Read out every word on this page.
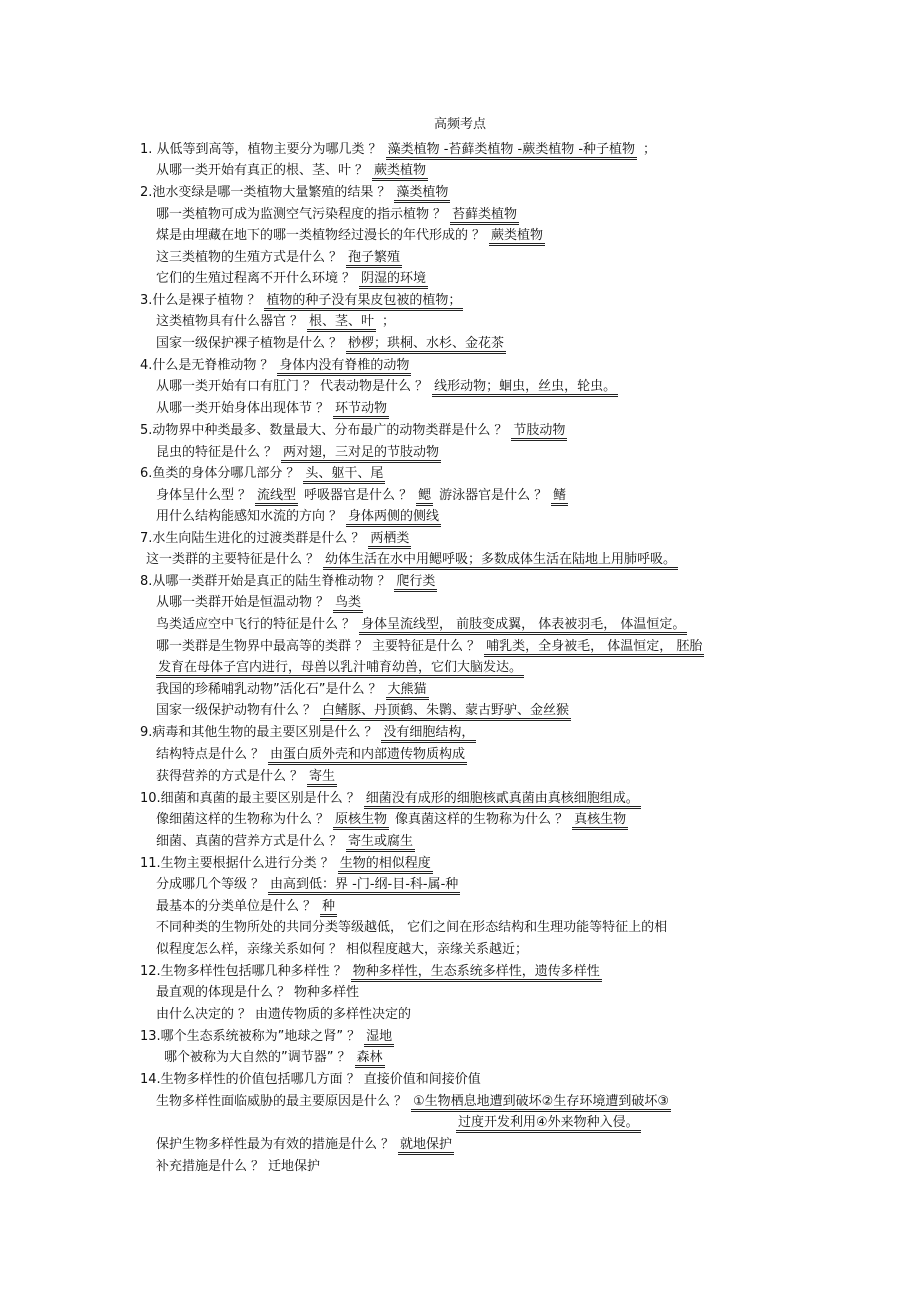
高频考点
1. 从低等到高等，植物主要分为哪几类 ？ 藻类植物 -苔藓类植物 -蕨类植物 -种子植物 ；
从哪一类开始有真正的根、茎、叶 ？ 蕨类植物
2.池水变绿是哪一类植物大量繁殖的结果 ？ 藻类植物
哪一类植物可成为监测空气污染程度的指示植物 ？ 苔藓类植物
煤是由埋藏在地下的哪一类植物经过漫长的年代形成的 ？ 蕨类植物
这三类植物的生殖方式是什么 ？ 孢子繁殖
它们的生殖过程离不开什么环境 ？ 阴湿的环境
3.什么是裸子植物 ？ 植物的种子没有果皮包被的植物；
这类植物具有什么器官 ？ 根、茎、叶 ；
国家一级保护裸子植物是什么 ？ 桫椤；珙桐、水杉、金花茶
4.什么是无脊椎动物 ？ 身体内没有脊椎的动物
从哪一类开始有口有肛门 ？ 代表动物是什么 ？ 线形动物；蛔虫，丝虫，轮虫。
从哪一类开始身体出现体节 ？ 环节动物
5.动物界中种类最多、数量最大、分布最广的动物类群是什么 ？ 节肢动物
昆虫的特征是什么 ？ 两对翅，三对足的节肢动物
6.鱼类的身体分哪几部分 ？ 头、躯干、尾
身体呈什么型 ？ 流线型 呼吸器官是什么 ？ 鳃 游泳器官是什么 ？ 鳍
用什么结构能感知水流的方向 ？ 身体两侧的侧线
7.水生向陆生进化的过渡类群是什么 ？ 两栖类
这一类群的主要特征是什么 ？ 幼体生活在水中用鳃呼吸；多数成体生活在陆地上用肺呼吸。
8.从哪一类群开始是真正的陆生脊椎动物 ？ 爬行类
从哪一类群开始是恒温动物 ？ 鸟类
鸟类适应空中飞行的特征是什么 ？ 身体呈流线型， 前肢变成翼， 体表被羽毛， 体温恒定。
哪一类群是生物界中最高等的类群 ？ 主要特征是什么 ？ 哺乳类，全身被毛， 体温恒定， 胚胎
发育在母体子宫内进行，母兽以乳汁哺育幼兽，它们大脑发达。
我国的珍稀哺乳动物”活化石”是什么 ？ 大熊猫
国家一级保护动物有什么 ？ 白鳍豚、丹顶鹤、朱鹮、蒙古野驴、金丝猴
9.病毒和其他生物的最主要区别是什么 ？ 没有细胞结构，
结构特点是什么 ？ 由蛋白质外壳和内部遗传物质构成
获得营养的方式是什么 ？ 寄生
10.细菌和真菌的最主要区别是什么 ？ 细菌没有成形的细胞核貳真菌由真核细胞组成。
像细菌这样的生物称为什么 ？ 原核生物 像真菌这样的生物称为什么 ？ 真核生物
细菌、真菌的营养方式是什么 ？ 寄生或腐生
11.生物主要根据什么进行分类 ？ 生物的相似程度
分成哪几个等级 ？ 由高到低：界 -门-纲-目-科-属-种
最基本的分类单位是什么 ？ 种
不同种类的生物所处的共同分类等级越低， 它们之间在形态结构和生理功能等特征上的相
似程度怎么样，亲缘关系如何 ？ 相似程度越大，亲缘关系越近；
12.生物多样性包括哪几种多样性 ？ 物种多样性，生态系统多样性，遗传多样性
最直观的体现是什么 ？ 物种多样性
由什么决定的 ？ 由遗传物质的多样性决定的
13.哪个生态系统被称为”地球之肾” ？ 湿地
哪个被称为大自然的”调节器” ？ 森林
14.生物多样性的价值包括哪几方面 ？ 直接价值和间接价值
生物多样性面临威胁的最主要原因是什么 ？ ①生物栖息地遭到破坏②生存环境遭到破坏③
过度开发利用④外来物种入侵。
保护生物多样性最为有效的措施是什么 ？ 就地保护
补充措施是什么 ？ 迁地保护
